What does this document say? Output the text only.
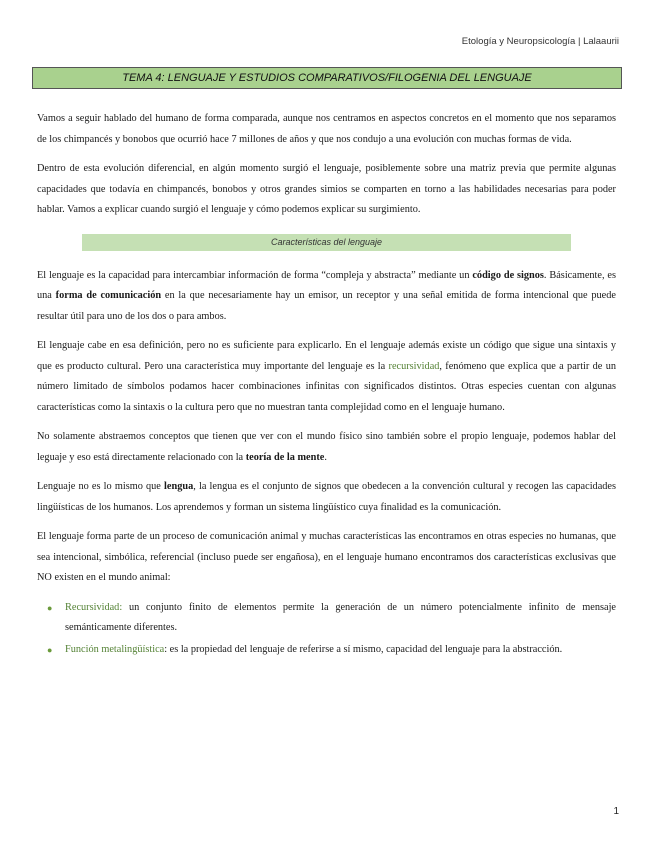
Etología y Neuropsicología | Lalaaurii
TEMA 4: LENGUAJE Y ESTUDIOS COMPARATIVOS/FILOGENIA DEL LENGUAJE

Vamos a seguir hablado del humano de forma comparada, aunque nos centramos en aspectos concretos en el momento que nos separamos de los chimpancés y bonobos que ocurrió hace 7 millones de años y que nos condujo a una evolución con muchas formas de vida.

Dentro de esta evolución diferencial, en algún momento surgió el lenguaje, posiblemente sobre una matriz previa que permite algunas capacidades que todavía en chimpancés, bonobos y otros grandes simios se comparten en torno a las habilidades necesarias para poder hablar. Vamos a explicar cuando surgió el lenguaje y cómo podemos explicar su surgimiento.

Características del lenguaje

El lenguaje es la capacidad para intercambiar información de forma “compleja y abstracta” mediante un código de signos. Básicamente, es una forma de comunicación en la que necesariamente hay un emisor, un receptor y una señal emitida de forma intencional que puede resultar útil para uno de los dos o para ambos.

El lenguaje cabe en esa definición, pero no es suficiente para explicarlo. En el lenguaje además existe un código que sigue una sintaxis y que es producto cultural. Pero una característica muy importante del lenguaje es la recursividad, fenómeno que explica que a partir de un número limitado de símbolos podamos hacer combinaciones infinitas con significados distintos. Otras especies cuentan con algunas características como la sintaxis o la cultura pero que no muestran tanta complejidad como en el lenguaje humano.

No solamente abstraemos conceptos que tienen que ver con el mundo físico sino también sobre el propio lenguaje, podemos hablar del leguaje y eso está directamente relacionado con la teoría de la mente.

Lenguaje no es lo mismo que lengua, la lengua es el conjunto de signos que obedecen a la convención cultural y recogen las capacidades lingüísticas de los humanos. Los aprendemos y forman un sistema lingüístico cuya finalidad es la comunicación.

El lenguaje forma parte de un proceso de comunicación animal y muchas características las encontramos en otras especies no humanas, que sea intencional, simbólica, referencial (incluso puede ser engañosa), en el lenguaje humano encontramos dos características exclusivas que NO existen en el mundo animal:

● Recursividad: un conjunto finito de elementos permite la generación de un número potencialmente infinito de mensaje semánticamente diferentes.
● Función metalingüística: es la propiedad del lenguaje de referirse a sí mismo, capacidad del lenguaje para la abstracción.
1
